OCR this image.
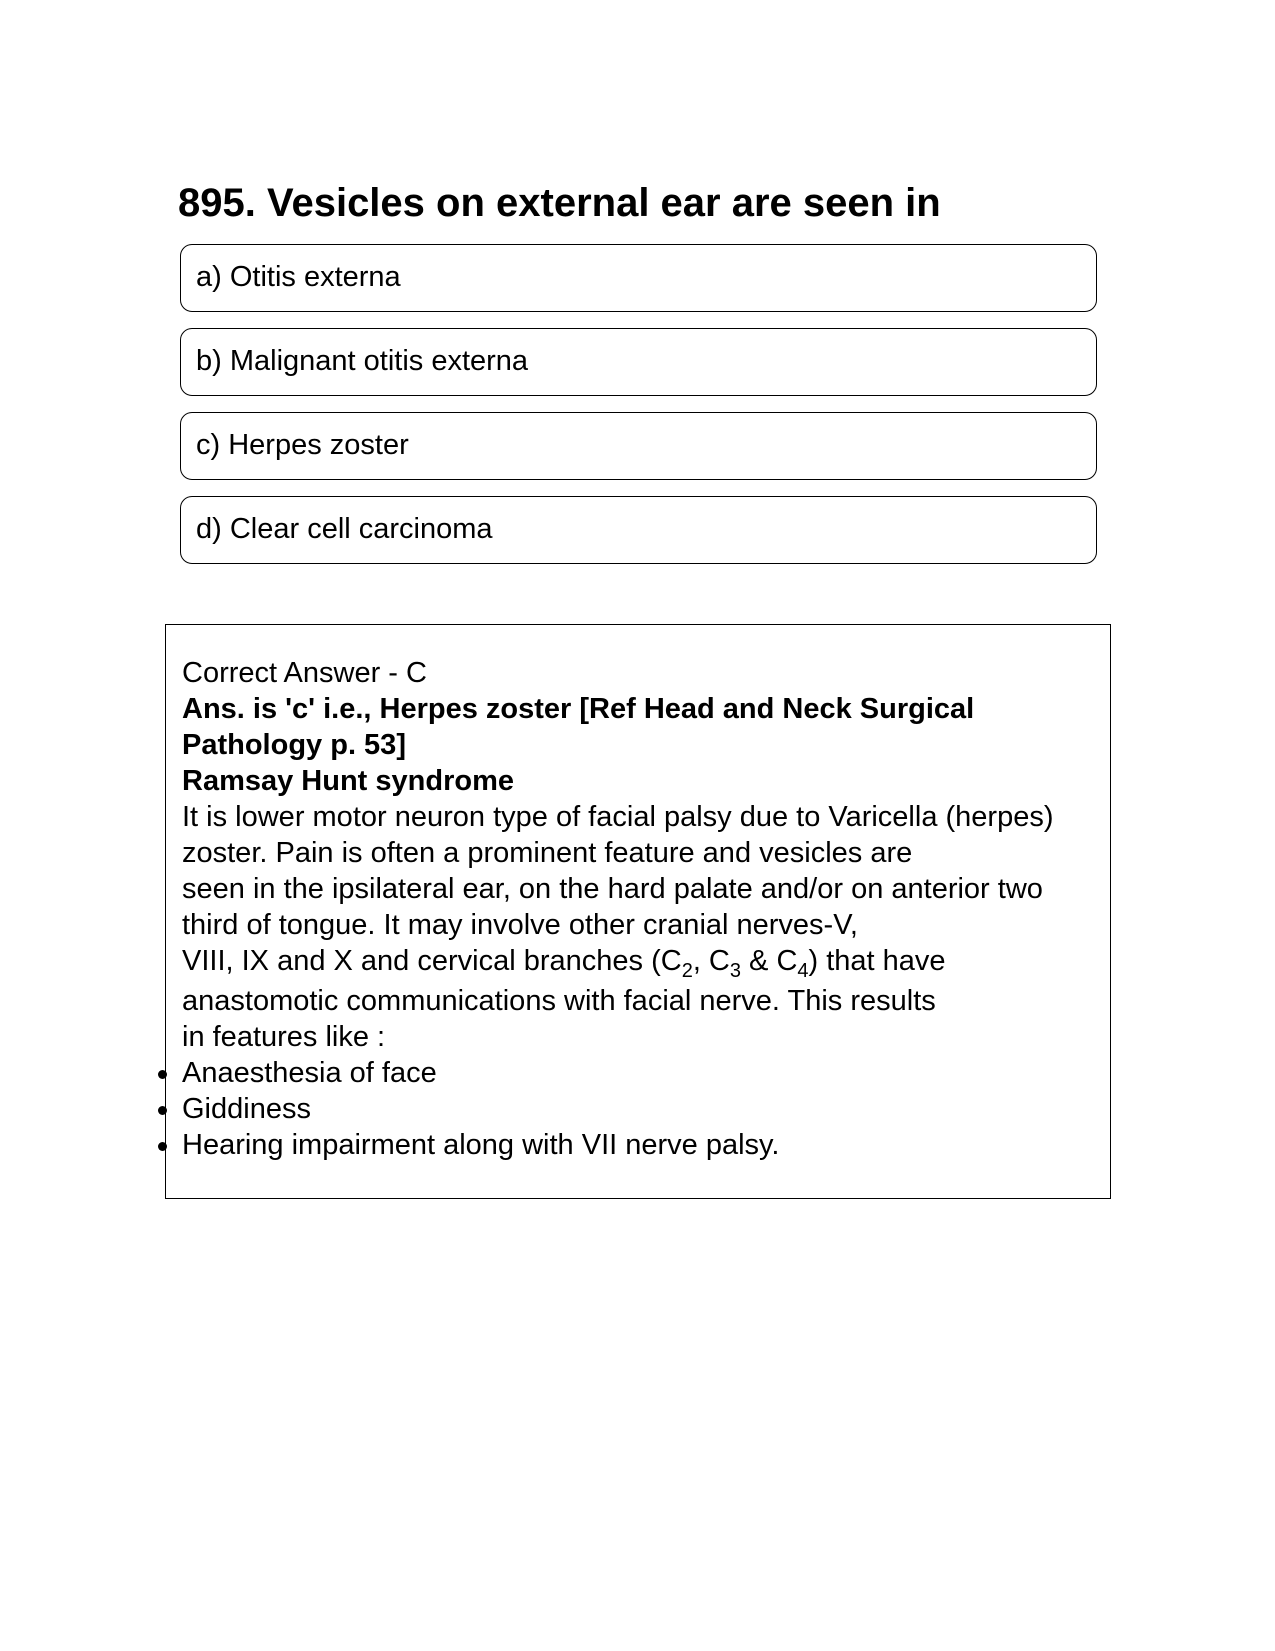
895. Vesicles on external ear are seen in
a) Otitis externa
b) Malignant otitis externa
c) Herpes zoster
d) Clear cell carcinoma

Correct Answer - C

Ans. is 'c' i.e., Herpes zoster [Ref Head and Neck Surgical Pathology p. 53]

Ramsay Hunt syndrome

It is lower motor neuron type of facial palsy due to Varicella (herpes)
zoster. Pain is often a prominent feature and vesicles are
seen in the ipsilateral ear, on the hard palate and/or on anterior two
third of tongue. It may involve other cranial nerves-V,
VIII, IX and X and cervical branches ($C_2$, $C_3$ & $C_4$) that have
anastomotic communications with facial nerve. This results
in features like :
Anaesthesia of face
Giddiness
Hearing impairment along with VII nerve palsy.
